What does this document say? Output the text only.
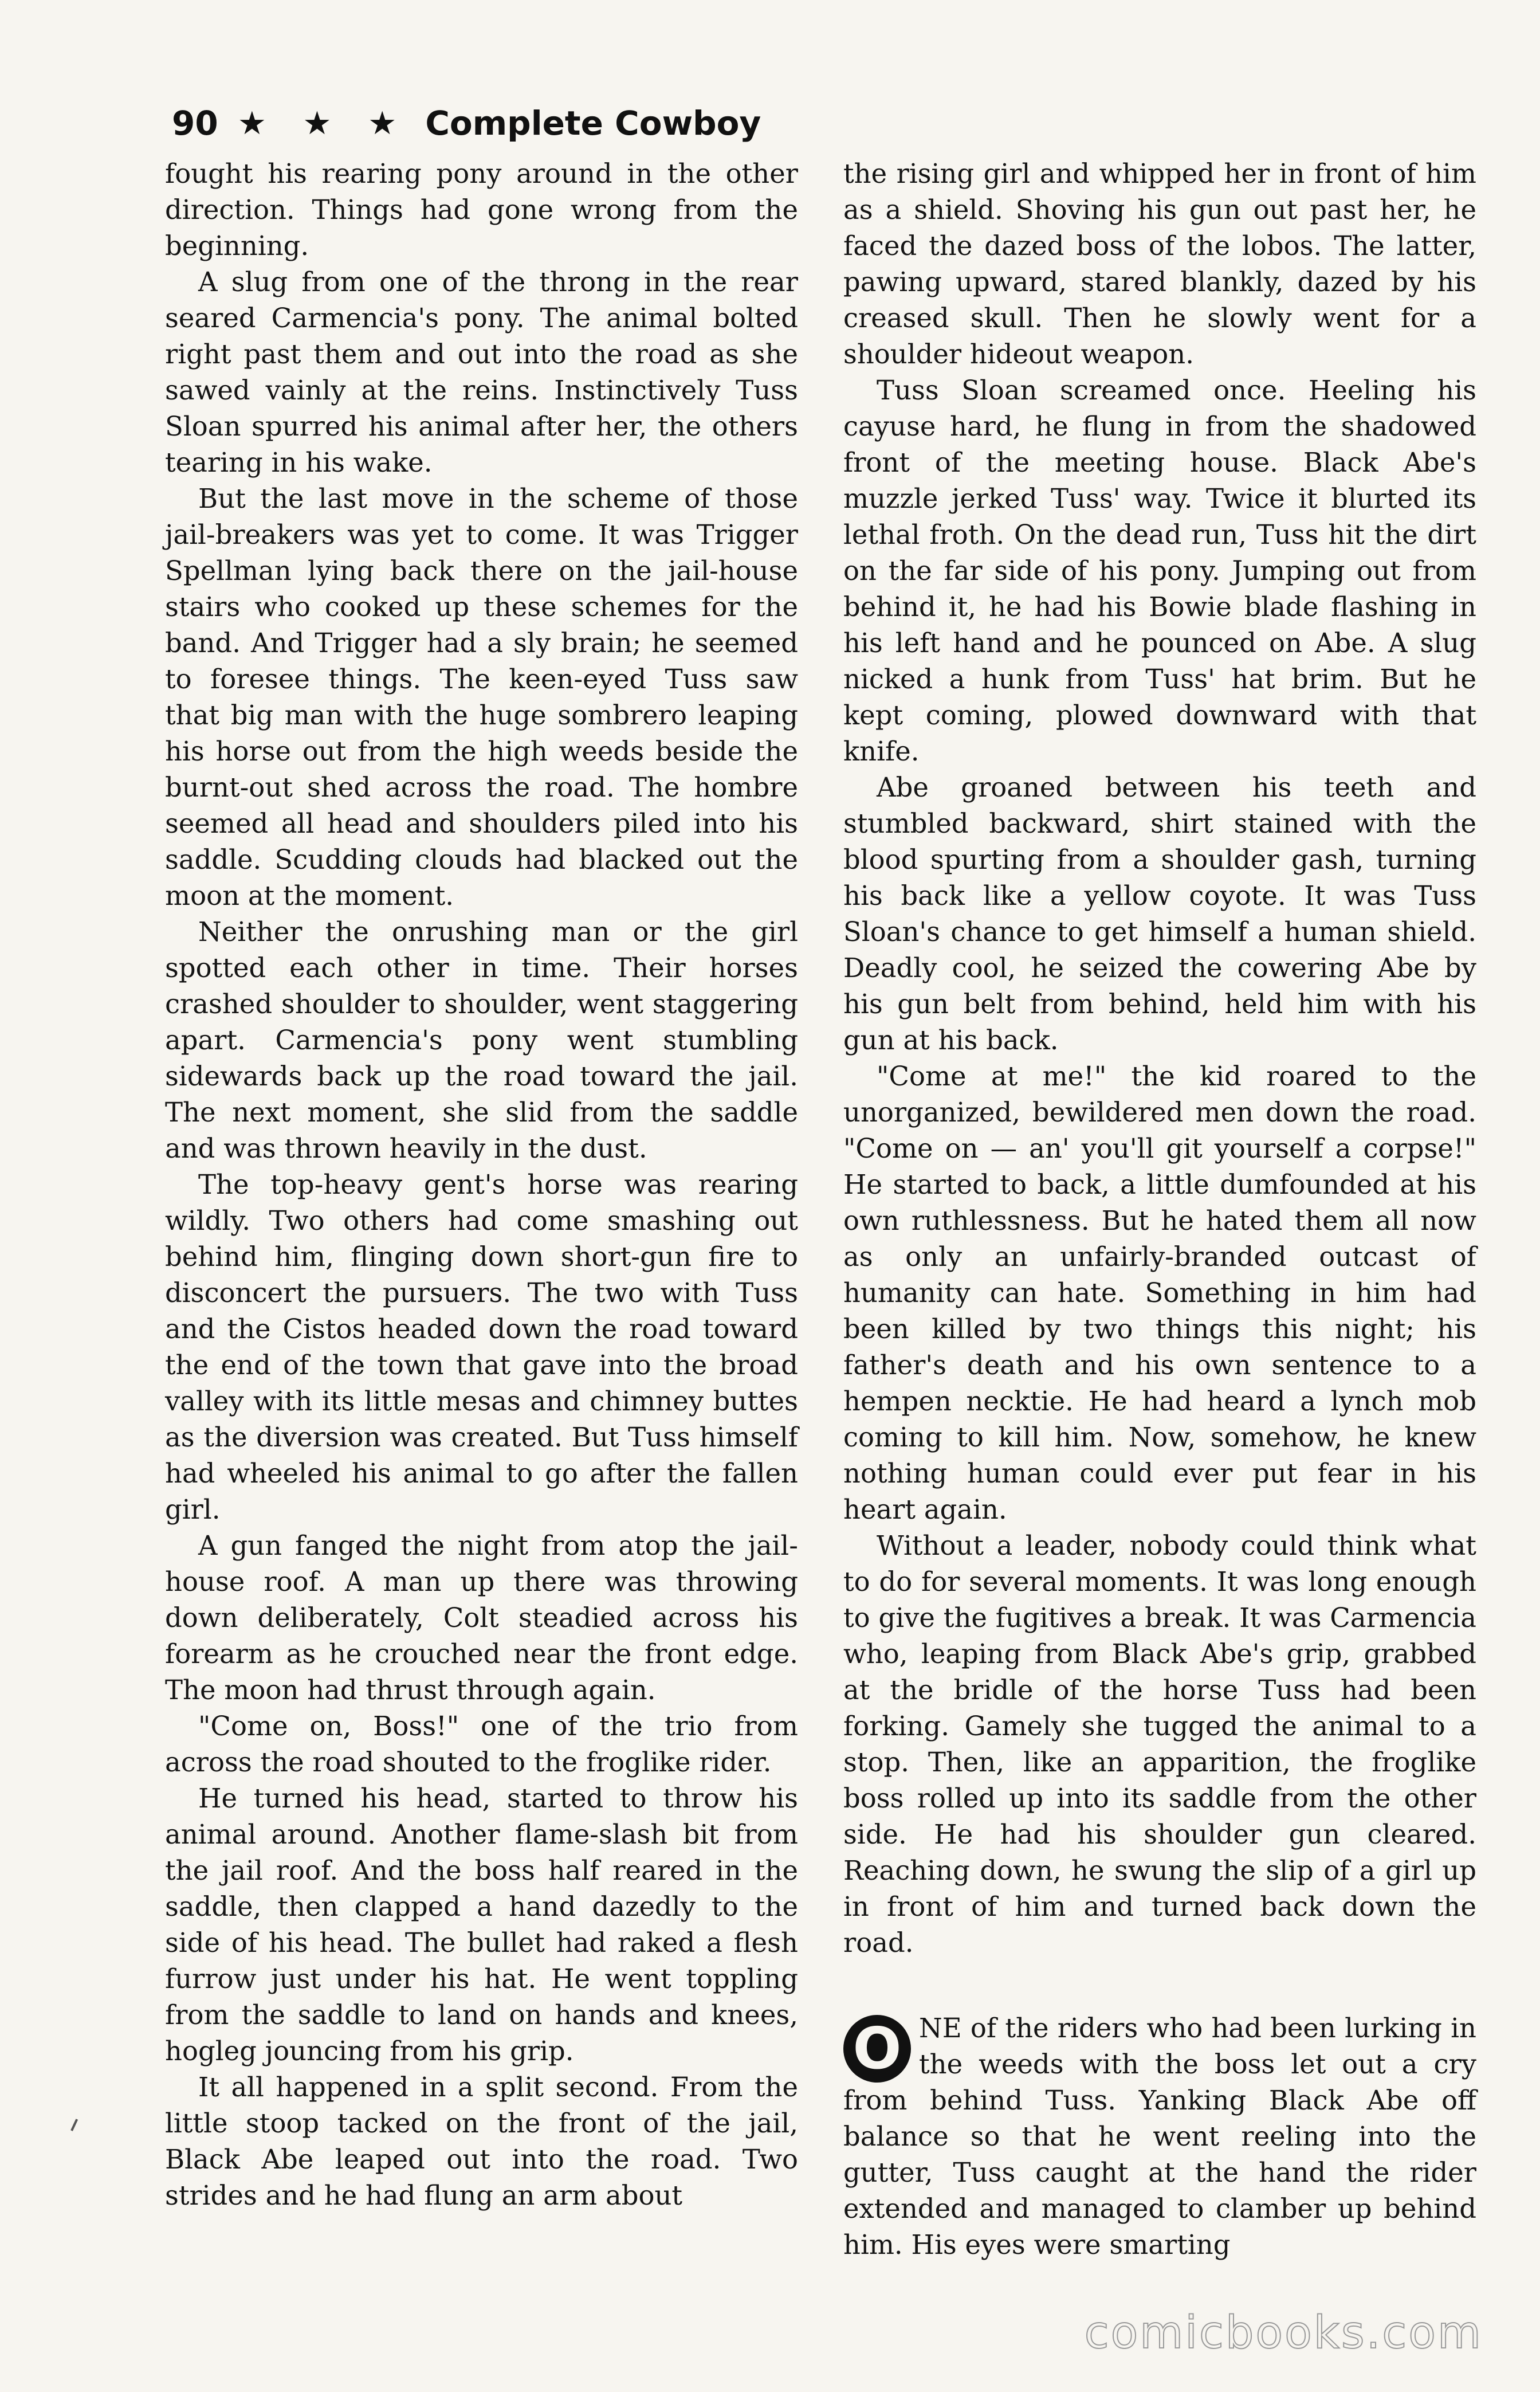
90 ★ ★ ★ Complete Cowboy

fought his rearing pony around in the other direction. Things had gone wrong from the beginning.

A slug from one of the throng in the rear seared Carmencia's pony. The animal bolted right past them and out into the road as she sawed vainly at the reins. Instinctively Tuss Sloan spurred his animal after her, the others tearing in his wake.

But the last move in the scheme of those jail-breakers was yet to come. It was Trigger Spellman lying back there on the jail-house stairs who cooked up these schemes for the band. And Trigger had a sly brain; he seemed to foresee things. The keen-eyed Tuss saw that big man with the huge sombrero leaping his horse out from the high weeds beside the burnt-out shed across the road. The hombre seemed all head and shoulders piled into his saddle. Scudding clouds had blacked out the moon at the moment.

Neither the onrushing man or the girl spotted each other in time. Their horses crashed shoulder to shoulder, went staggering apart. Carmencia's pony went stumbling sidewards back up the road toward the jail. The next moment, she slid from the saddle and was thrown heavily in the dust.

The top-heavy gent's horse was rearing wildly. Two others had come smashing out behind him, flinging down short-gun fire to disconcert the pursuers. The two with Tuss and the Cistos headed down the road toward the end of the town that gave into the broad valley with its little mesas and chimney buttes as the diversion was created. But Tuss himself had wheeled his animal to go after the fallen girl.

A gun fanged the night from atop the jail-house roof. A man up there was throwing down deliberately, Colt steadied across his forearm as he crouched near the front edge. The moon had thrust through again.

"Come on, Boss!" one of the trio from across the road shouted to the froglike rider.

He turned his head, started to throw his animal around. Another flame-slash bit from the jail roof. And the boss half reared in the saddle, then clapped a hand dazedly to the side of his head. The bullet had raked a flesh furrow just under his hat. He went toppling from the saddle to land on hands and knees, hogleg jouncing from his grip.

It all happened in a split second. From the little stoop tacked on the front of the jail, Black Abe leaped out into the road. Two strides and he had flung an arm about

the rising girl and whipped her in front of him as a shield. Shoving his gun out past her, he faced the dazed boss of the lobos. The latter, pawing upward, stared blankly, dazed by his creased skull. Then he slowly went for a shoulder hideout weapon.

Tuss Sloan screamed once. Heeling his cayuse hard, he flung in from the shadowed front of the meeting house. Black Abe's muzzle jerked Tuss' way. Twice it blurted its lethal froth. On the dead run, Tuss hit the dirt on the far side of his pony. Jumping out from behind it, he had his Bowie blade flashing in his left hand and he pounced on Abe. A slug nicked a hunk from Tuss' hat brim. But he kept coming, plowed downward with that knife.

Abe groaned between his teeth and stumbled backward, shirt stained with the blood spurting from a shoulder gash, turning his back like a yellow coyote. It was Tuss Sloan's chance to get himself a human shield. Deadly cool, he seized the cowering Abe by his gun belt from behind, held him with his gun at his back.

"Come at me!" the kid roared to the unorganized, bewildered men down the road. "Come on — an' you'll git yourself a corpse!" He started to back, a little dumfounded at his own ruthlessness. But he hated them all now as only an unfairly-branded outcast of humanity can hate. Something in him had been killed by two things this night; his father's death and his own sentence to a hempen necktie. He had heard a lynch mob coming to kill him. Now, somehow, he knew nothing human could ever put fear in his heart again.

Without a leader, nobody could think what to do for several moments. It was long enough to give the fugitives a break. It was Carmencia who, leaping from Black Abe's grip, grabbed at the bridle of the horse Tuss had been forking. Gamely she tugged the animal to a stop. Then, like an apparition, the froglike boss rolled up into its saddle from the other side. He had his shoulder gun cleared. Reaching down, he swung the slip of a girl up in front of him and turned back down the road.

O NE of the riders who had been lurking in the weeds with the boss let out a cry from behind Tuss. Yanking Black Abe off balance so that he went reeling into the gutter, Tuss caught at the hand the rider extended and managed to clamber up behind him. His eyes were smarting

comicbooks.com
